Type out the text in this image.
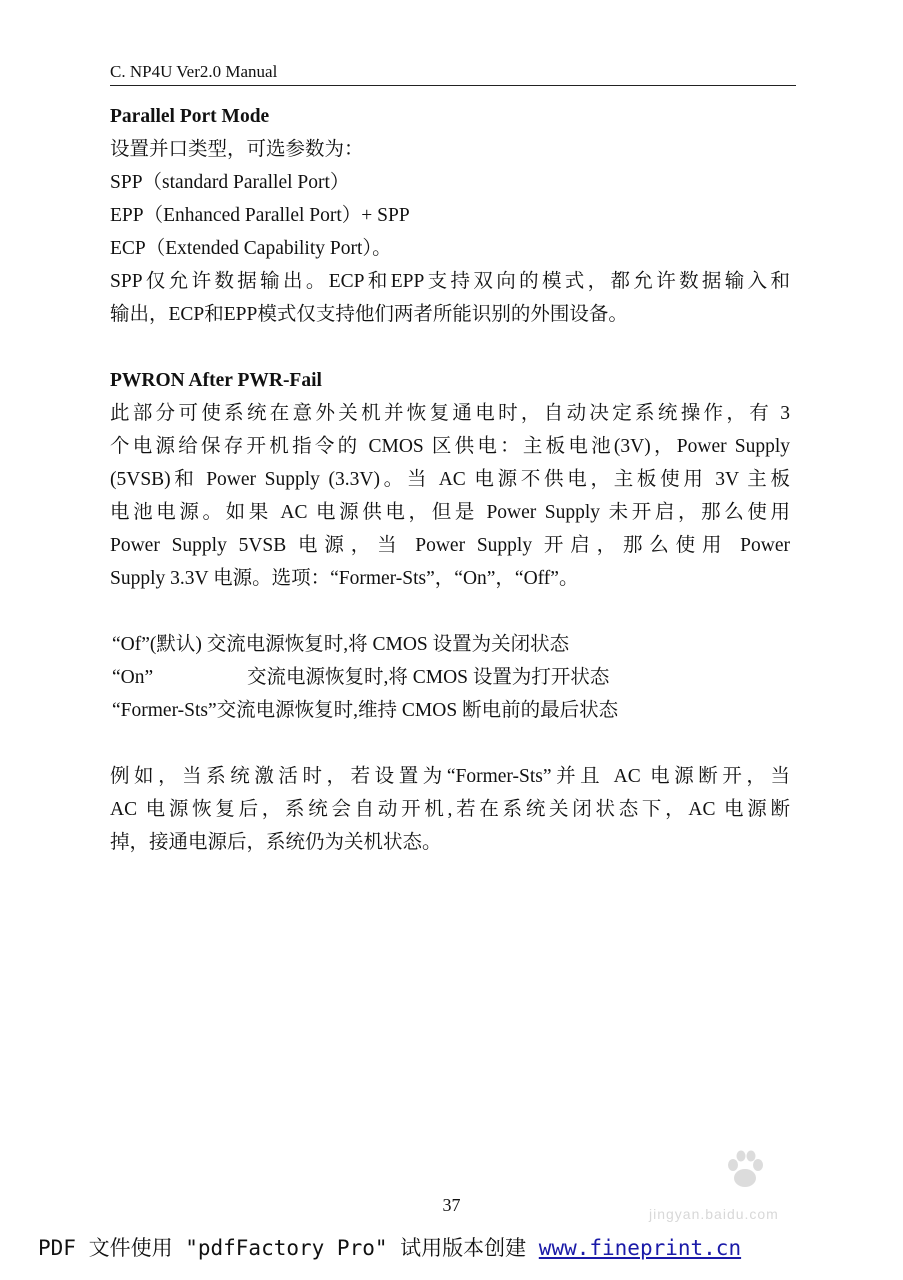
C. NP4U Ver2.0 Manual
Parallel Port Mode
设置并口类型，可选参数为：
SPP（standard Parallel Port）
EPP（Enhanced Parallel Port）+ SPP
ECP（Extended Capability Port）。
SPP仅允许数据输出。ECP和EPP支持双向的模式，都允许数据输入和
输出，ECP和EPP模式仅支持他们两者所能识别的外围设备。
PWRON After PWR-Fail
此部分可使系统在意外关机并恢复通电时，自动决定系统操作，有 3
个电源给保存开机指令的 CMOS 区供电：主板电池(3V)，Power Supply
(5VSB)和 Power Supply (3.3V)。当 AC 电源不供电，主板使用 3V 主板
电池电源。如果 AC 电源供电，但是 Power Supply 未开启，那么使用
Power Supply 5VSB 电源，当 Power Supply 开启，那么使用 Power
Supply 3.3V 电源。选项：“Former-Sts”，“On”，“Off”。
“Of”(默认) 交流电源恢复时,将 CMOS 设置为关闭状态
“On”	交流电源恢复时,将 CMOS 设置为打开状态
“Former-Sts”交流电源恢复时,维持 CMOS 断电前的最后状态
例如，当系统激活时，若设置为“Former-Sts”并且 AC 电源断开，当
AC 电源恢复后，系统会自动开机,若在系统关闭状态下，AC 电源断
掉，接通电源后，系统仍为关机状态。
jingyan.baidu.com
37
PDF 文件使用 "pdfFactory Pro" 试用版本创建 www.fineprint.cn
